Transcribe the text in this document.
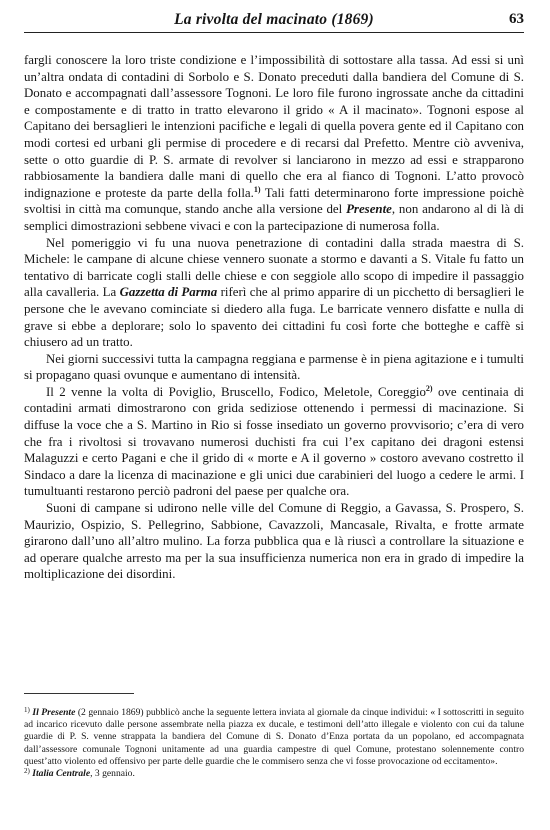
La rivolta del macinato (1869)	63

fargli conoscere la loro triste condizione e l’impossibilità di sottostare alla tassa. Ad essi si unì un’altra ondata di contadini di Sorbolo e S. Donato preceduti dalla bandiera del Comune di S. Donato e accompagnati dall’assessore Tognoni. Le loro file furono ingrossate anche da cittadini e compostamente e di tratto in tratto elevarono il grido « A il macinato». Tognoni espose al Capitano dei bersaglieri le intenzioni pacifiche e legali di quella povera gente ed il Capitano con modi cortesi ed urbani gli permise di procedere e di recarsi dal Prefetto. Mentre ciò avveniva, sette o otto guardie di P. S. armate di revolver si lanciarono in mezzo ad essi e strapparono rabbiosamente la bandiera dalle mani di quello che era al fianco di Tognoni. L’atto provocò indignazione e proteste da parte della folla.$^{1)}$ Tali fatti determinarono forte impressione poichè svoltisi in città ma comunque, stando anche alla versione del Presente, non andarono al di là di semplici dimostrazioni sebbene vivaci e con la partecipazione di numerosa folla.

Nel pomeriggio vi fu una nuova penetrazione di contadini dalla strada maestra di S. Michele: le campane di alcune chiese vennero suonate a stormo e davanti a S. Vitale fu fatto un tentativo di barricate cogli stalli delle chiese e con seggiole allo scopo di impedire il passaggio alla cavalleria. La Gazzetta di Parma riferì che al primo apparire di un picchetto di bersaglieri le persone che le avevano cominciate si diedero alla fuga. Le barricate vennero disfatte e nulla di grave si ebbe a deplorare; solo lo spavento dei cittadini fu così forte che botteghe e caffè si chiusero ad un tratto.

Nei giorni successivi tutta la campagna reggiana e parmense è in piena agitazione e i tumulti si propagano quasi ovunque e aumentano di intensità.

Il 2 venne la volta di Poviglio, Bruscello, Fodico, Meletole, Coreggio$^{2)}$ ove centinaia di contadini armati dimostrarono con grida sediziose ottenendo i permessi di macinazione. Si diffuse la voce che a S. Martino in Rio si fosse insediato un governo provvisorio; c’era di vero che fra i rivoltosi si trovavano numerosi duchisti fra cui l’ex capitano dei dragoni estensi Malaguzzi e certo Pagani e che il grido di « morte e A il governo » costoro avevano costretto il Sindaco a dare la licenza di macinazione e gli unici due carabinieri del luogo a cedere le armi. I tumultuanti restarono perciò padroni del paese per qualche ora.

Suoni di campane si udirono nelle ville del Comune di Reggio, a Gavassa, S. Prospero, S. Maurizio, Ospizio, S. Pellegrino, Sabbione, Cavazzoli, Mancasale, Rivalta, e frotte armate girarono dall’uno all’altro mulino. La forza pubblica qua e là riuscì a controllare la situazione e ad operare qualche arresto ma per la sua insufficienza numerica non era in grado di impedire la moltiplicazione dei disordini.

$^{1)}$ Il Presente (2 gennaio 1869) pubblicò anche la seguente lettera inviata al giornale da cinque individui: « I sottoscritti in seguito ad incarico ricevuto dalle persone assembrate nella piazza ex ducale, e testimoni dell’atto illegale e violento con cui da talune guardie di P. S. venne strappata la bandiera del Comune di S. Donato d’Enza portata da un popolano, ed accompagnata dall’assessore comunale Tognoni unitamente ad una guardia campestre di quel Comune, protestano solennemente contro quest’atto violento ed offensivo per parte delle guardie che le commisero senza che vi fosse provocazione od eccitamento».

$^{2)}$ Italia Centrale, 3 gennaio.
